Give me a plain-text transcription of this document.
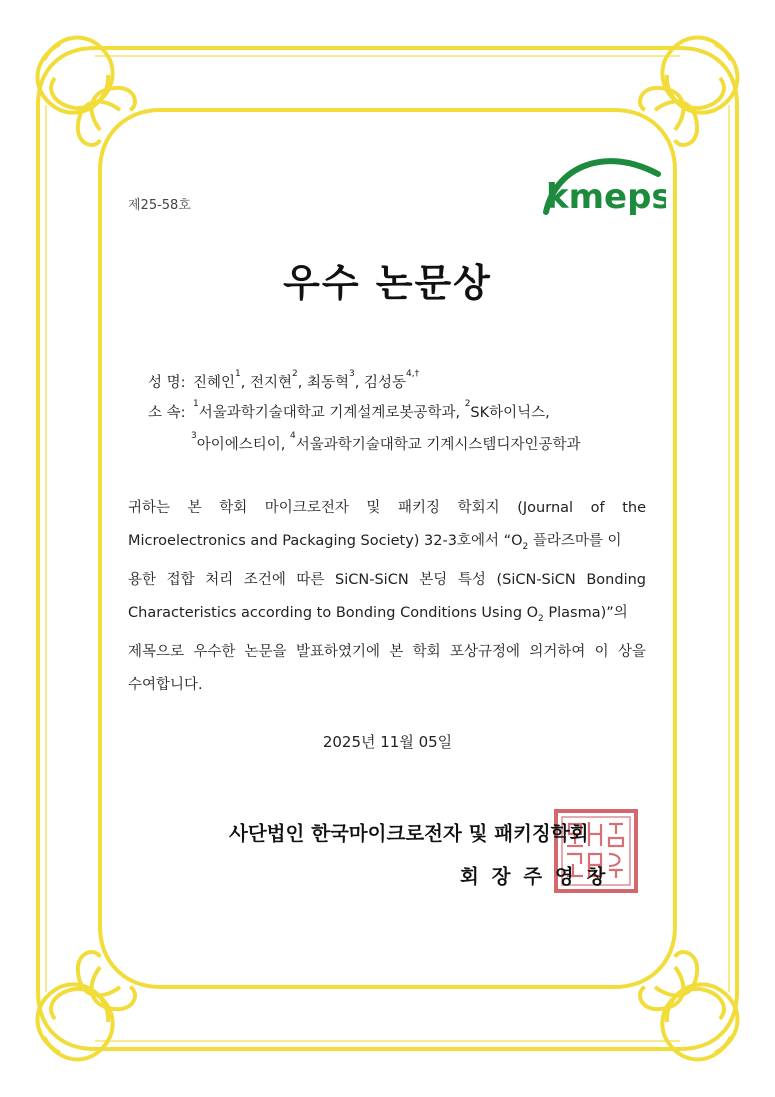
제25-58호	kmeps
우수 논문상
성 명: 진혜인$^1$, 전지현$^2$, 최동혁$^3$, 김성동$^{4,\dagger}$
소 속:$^1$서울과학기술대학교 기계설계로봇공학과, $^2$SK하이닉스,
$^3$아이에스티이, $^4$서울과학기술대학교 기계시스템디자인공학과
귀하는 본 학회 마이크로전자 및 패키징 학회지 (Journal of the
Microelectronics and Packaging Society) 32-3호에서 “$O_2$ 플라즈마를 이
용한 접합 처리 조건에 따른 SiCN-SiCN 본딩 특성 (SiCN-SiCN Bonding
Characteristics according to Bonding Conditions Using $O_2$ Plasma)”의
제목으로 우수한 논문을 발표하였기에 본 학회 포상규정에 의거하여 이 상을
수여합니다.
2025년 11월 05일
사단법인 한국마이크로전자 및 패키징학회
회 장 주 영 창
